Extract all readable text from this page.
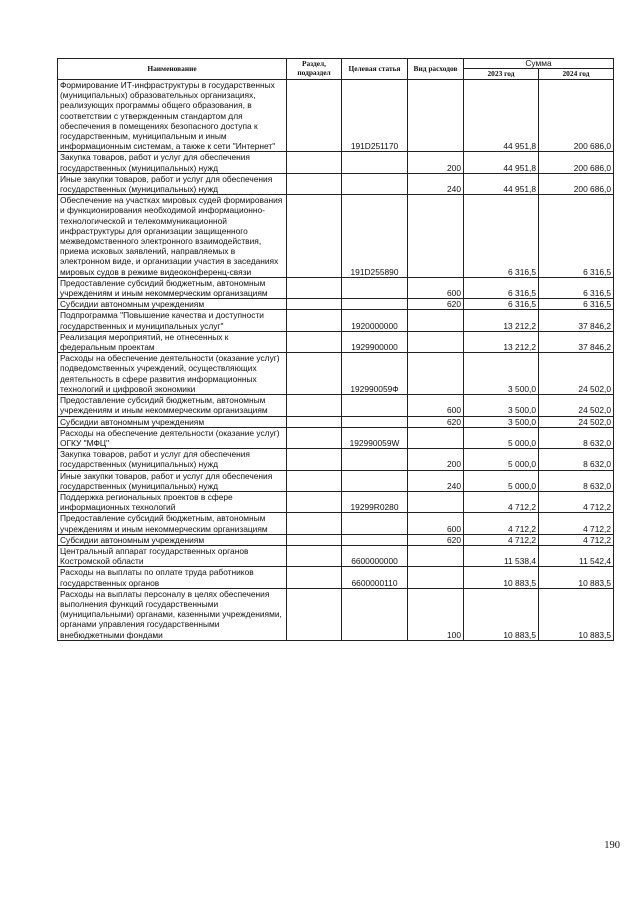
Наименование	Раздел, подраздел	Целевая статья	Вид расходов	Сумма	
				2023 год	2024 год
Формирование ИТ-инфраструктуры в государственных (муниципальных) образовательных организациях, реализующих программы общего образования, в соответствии с утвержденным стандартом для обеспечения в помещениях безопасного доступа к государственным, муниципальным и иным информационным системам, а также к сети "Интернет"		191D251170		44 951,8	200 686,0
Закупка товаров, работ и услуг для обеспечения государственных (муниципальных) нужд			200	44 951,8	200 686,0
Иные закупки товаров, работ и услуг для обеспечения государственных (муниципальных) нужд			240	44 951,8	200 686,0
Обеспечение на участках мировых судей формирования и функционирования необходимой информационно-технологической и телекоммуникационной инфраструктуры для организации защищенного межведомственного электронного взаимодействия, приема исковых заявлений, направляемых в электронном виде, и организации участия в заседаниях мировых судов в режиме видеоконференц-связи		191D255890		6 316,5	6 316,5
Предоставление субсидий бюджетным, автономным учреждениям и иным некоммерческим организациям			600	6 316,5	6 316,5
Субсидии автономным учреждениям			620	6 316,5	6 316,5
Подпрограмма "Повышение качества и доступности государственных и муниципальных услуг"		1920000000		13 212,2	37 846,2
Реализация мероприятий, не отнесенных к федеральным проектам		1929900000		13 212,2	37 846,2
Расходы на обеспечение деятельности (оказание услуг) подведомственных учреждений, осуществляющих деятельность в сфере развития информационных технологий и цифровой экономики		192990059Ф		3 500,0	24 502,0
Предоставление субсидий бюджетным, автономным учреждениям и иным некоммерческим организациям			600	3 500,0	24 502,0
Субсидии автономным учреждениям			620	3 500,0	24 502,0
Расходы на обеспечение деятельности (оказание услуг) ОГКУ "МФЦ"		192990059W		5 000,0	8 632,0
Закупка товаров, работ и услуг для обеспечения государственных (муниципальных) нужд			200	5 000,0	8 632,0
Иные закупки товаров, работ и услуг для обеспечения государственных (муниципальных) нужд			240	5 000,0	8 632,0
Поддержка региональных проектов в сфере информационных технологий		19299R0280		4 712,2	4 712,2
Предоставление субсидий бюджетным, автономным учреждениям и иным некоммерческим организациям			600	4 712,2	4 712,2
Субсидии автономным учреждениям			620	4 712,2	4 712,2
Центральный аппарат государственных органов Костромской области		6600000000		11 538,4	11 542,4
Расходы на выплаты по оплате труда работников государственных органов		6600000110		10 883,5	10 883,5
Расходы на выплаты персоналу в целях обеспечения выполнения функций государственными (муниципальными) органами, казенными учреждениями, органами управления государственными внебюджетными фондами			100	10 883,5	10 883,5
190
